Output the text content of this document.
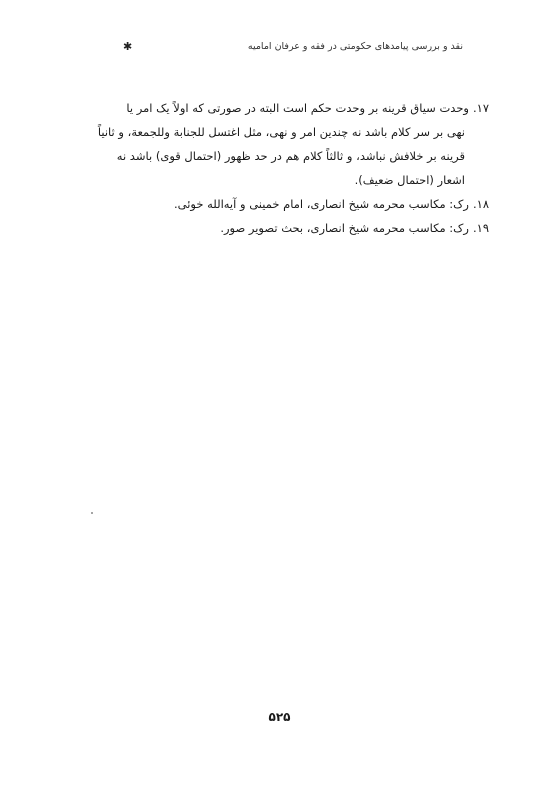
نقد و بررسی پیامدهای حکومتی در فقه و عرفان امامیه
✱
۱۷.وحدت سیاق قرینه بر وحدت حکم است البته در صورتی که اولاً یک امر یا
نهی بر سر کلام باشد نه چندین امر و نهی، مثل اغتسل للجنابة وللجمعة، و ثانیاً
قرینه بر خلافش نباشد، و ثالثاً کلام هم در حد ظهور (احتمال قوی) باشد نه
اشعار (احتمال ضعیف).
۱۸.رک: مکاسب محرمه شیخ انصاری، امام خمینی و آیه‌الله خوئی.
۱۹.رک: مکاسب محرمه شیخ انصاری، بحث تصویر صور.
۵۲۵
